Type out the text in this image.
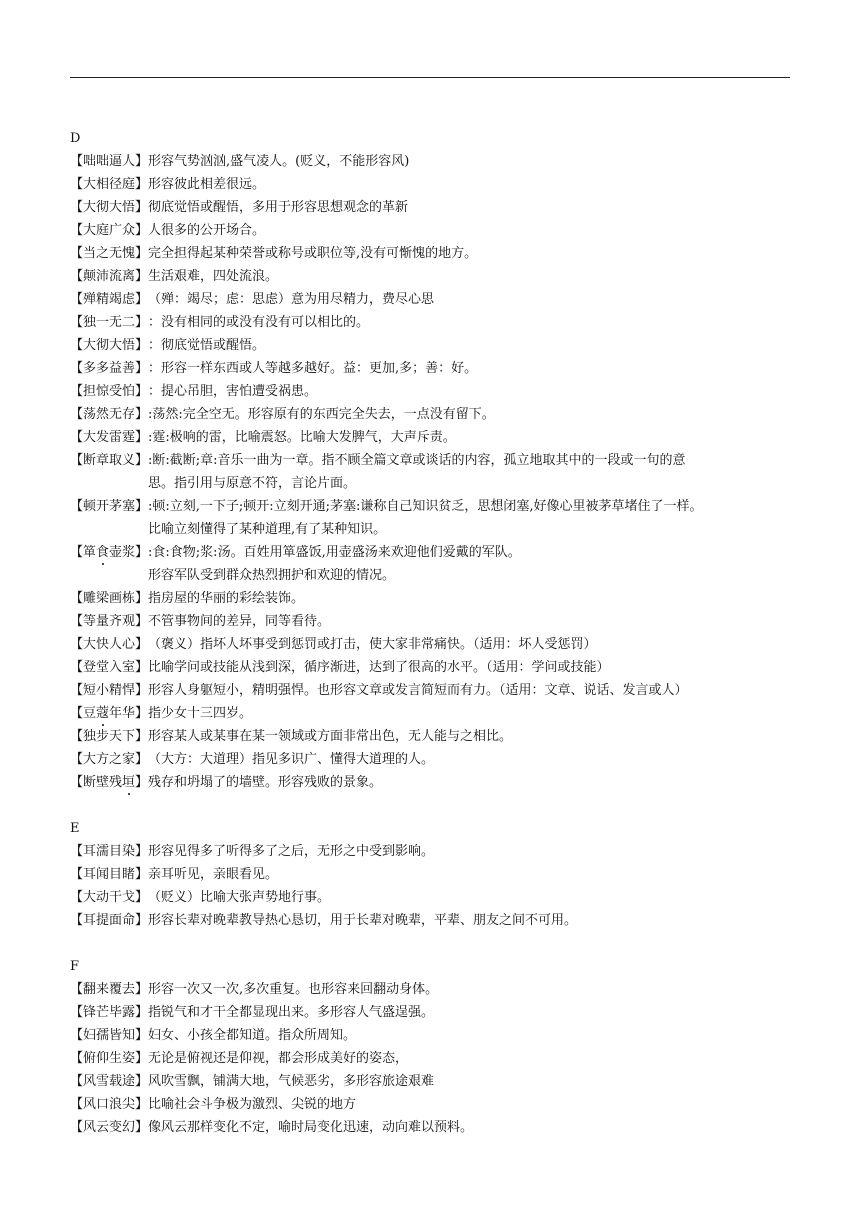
D
【咄咄逼人】 形容气势汹汹,盛气凌人。(贬义，不能形容风)
【大相径庭】 形容彼此相差很远。
【大彻大悟】 彻底觉悟或醒悟，多用于形容思想观念的革新
【大庭广众】 人很多的公开场合。
【当之无愧】 完全担得起某种荣誉或称号或职位等,没有可惭愧的地方。
【颠沛流离】 生活艰难，四处流浪。
【殚精竭虑】 （殚：竭尽；虑：思虑）意为用尽精力，费尽心思
【独一无二】 ：没有相同的或没有没有可以相比的。
【大彻大悟】 ：彻底觉悟或醒悟。
【多多益善】 ：形容一样东西或人等越多越好。益：更加,多；善：好。
【担惊受怕】 ：提心吊胆，害怕遭受祸患。
【荡然无存】 :荡然:完全空无。形容原有的东西完全失去，一点没有留下。
【大发雷霆】 :霆:极响的雷，比喻震怒。比喻大发脾气，大声斥责。
【断章取义】 :断:截断;章:音乐一曲为一章。指不顾全篇文章或谈话的内容，孤立地取其中的一段或一句的意
思。指引用与原意不符，言论片面。
【顿开茅塞】 :顿:立刻,一下子;顿开:立刻开通;茅塞:谦称自己知识贫乏，思想闭塞,好像心里被茅草堵住了一样。
比喻立刻懂得了某种道理,有了某种知识。
【箪食壶浆】 :食:食物;浆:汤。百姓用箪盛饭,用壶盛汤来欢迎他们爱戴的军队。
形容军队受到群众热烈拥护和欢迎的情况。
【雕梁画栋】 指房屋的华丽的彩绘装饰。
【等量齐观】 不管事物间的差异，同等看待。
【大快人心】 （褒义）指坏人坏事受到惩罚或打击，使大家非常痛快。（适用：坏人受惩罚）
【登堂入室】 比喻学问或技能从浅到深，循序渐进，达到了很高的水平。（适用：学问或技能）
【短小精悍】 形容人身躯短小，精明强悍。也形容文章或发言简短而有力。（适用：文章、说话、发言或人）
【豆蔻年华】 指少女十三四岁。
【独步天下】 形容某人或某事在某一领域或方面非常出色，无人能与之相比。
【大方之家】 （大方：大道理）指见多识广、懂得大道理的人。
【断壁残垣】 残存和坍塌了的墙壁。形容残败的景象。
E
【耳濡目染】 形容见得多了听得多了之后，无形之中受到影响。
【耳闻目睹】 亲耳听见，亲眼看见。
【大动干戈】 （贬义）比喻大张声势地行事。
【耳提面命】 形容长辈对晚辈教导热心恳切，用于长辈对晚辈，平辈、朋友之间不可用。
F
【翻来覆去】 形容一次又一次,多次重复。也形容来回翻动身体。
【锋芒毕露】 指锐气和才干全都显现出来。多形容人气盛逞强。
【妇孺皆知】 妇女、小孩全都知道。指众所周知。
【俯仰生姿】 无论是俯视还是仰视，都会形成美好的姿态，
【风雪载途】 风吹雪飘，铺满大地，气候恶劣，多形容旅途艰难
【风口浪尖】 比喻社会斗争极为激烈、尖锐的地方
【风云变幻】 像风云那样变化不定，喻时局变化迅速，动向难以预料。
